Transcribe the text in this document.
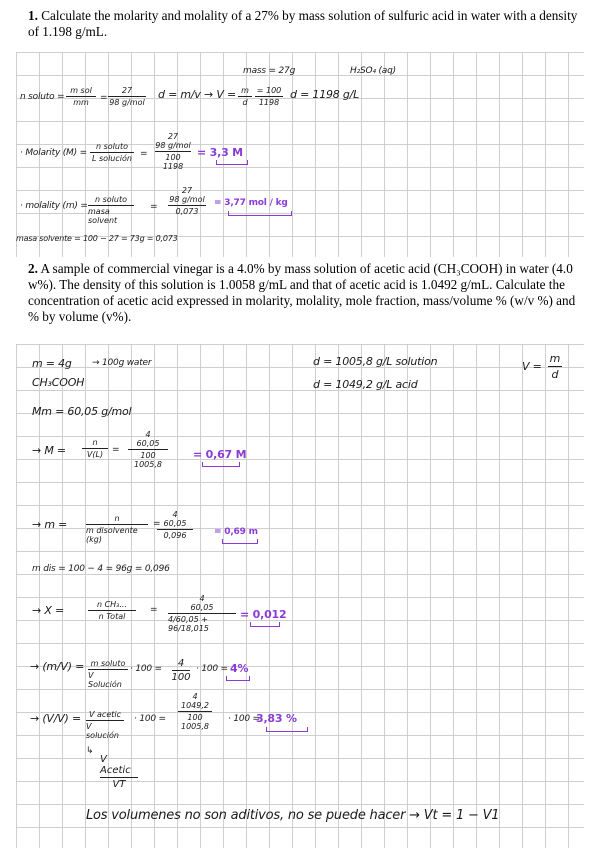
1. Calculate the molarity and molality of a 27% by mass solution of sulfuric acid in water with a density of 1.198 g/mL.
mass = 27g	H₂SO₄ (aq)
n soluto =
m sol
mm =
27
98 g/mol
d = m/v → V = m
d
= 100
1198
d = 1198 g/L
· Molarity (M) =
n soluto
L solución =
27
98 g/mol
100
1198
= 3,3 M
· molality (m) =
n soluto
masa solvent
=
27
98 g/mol
0,073
= 3,77 mol / kg
masa solvente = 100 − 27 = 73g = 0,073
2. A sample of commercial vinegar is a 4.0% by mass solution of acetic acid (CH₃COOH) in water (4.0 w%). The density of this solution is 1.0058 g/mL and that of acetic acid is 1.0492 g/mL. Calculate the concentration of acetic acid expressed in molarity, molality, mole fraction, mass/volume % (w/v %) and % by volume (v%).
m = 4g → 100g water
CH₃COOH
d = 1005,8 g/L solution
d = 1049,2 g/L acid
V =
m
d
Mm = 60,05 g/mol
→ M =
n
V(L) =
4
60,05
100
1005,8
= 0,67 M
→ m =	n
m disolvente (kg)
=
4
60,05
0,096	= 0,69 m
m dis = 100 − 4 = 96g = 0,096
→ X =	n CH₃...
n Total
=
4
60,05
4/60,05 + 96/18,015
= 0,012
→ (m/V) = m soluto
V Solución
· 100 = 4
100
· 100 = 4%
→ (V/V) = V acetic
V solución
· 100 =
4
1049,2
100
1005,8
· 100 =
3,83 %
↳
V Acetic
VT
Los volumenes no son aditivos, no se puede hacer → Vt = 1 − V1
